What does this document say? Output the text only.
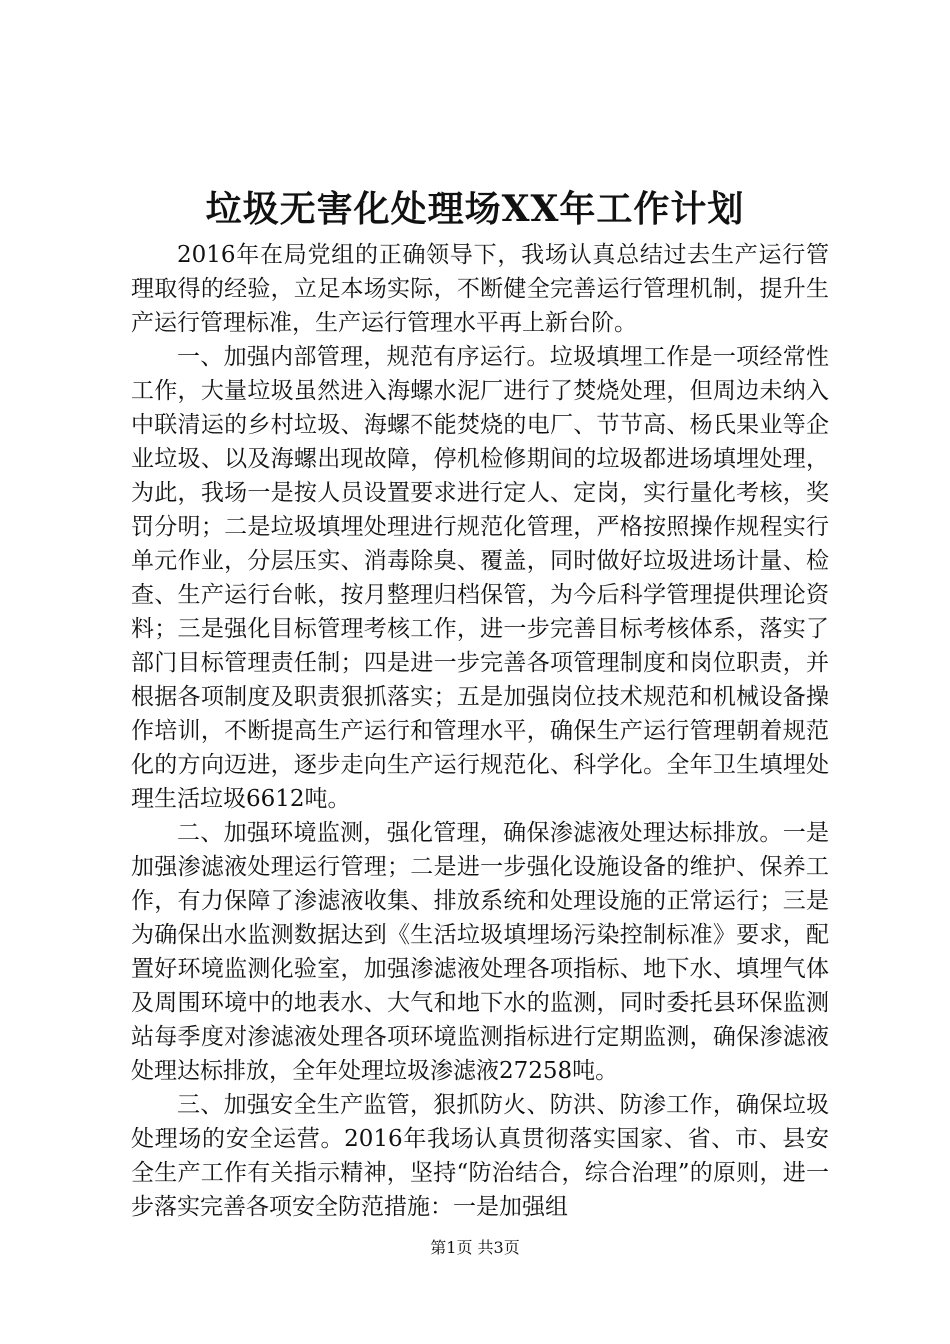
垃圾无害化处理场XX年工作计划

2016年在局党组的正确领导下，我场认真总结过去生产运行管理取得的经验，立足本场实际，不断健全完善运行管理机制，提升生产运行管理标准，生产运行管理水平再上新台阶。

一、加强内部管理，规范有序运行。垃圾填埋工作是一项经常性工作，大量垃圾虽然进入海螺水泥厂进行了焚烧处理，但周边未纳入中联清运的乡村垃圾、海螺不能焚烧的电厂、节节高、杨氏果业等企业垃圾、以及海螺出现故障，停机检修期间的垃圾都进场填埋处理，为此，我场一是按人员设置要求进行定人、定岗，实行量化考核，奖罚分明；二是垃圾填埋处理进行规范化管理，严格按照操作规程实行单元作业，分层压实、消毒除臭、覆盖，同时做好垃圾进场计量、检查、生产运行台帐，按月整理归档保管，为今后科学管理提供理论资料；三是强化目标管理考核工作，进一步完善目标考核体系，落实了部门目标管理责任制；四是进一步完善各项管理制度和岗位职责，并根据各项制度及职责狠抓落实；五是加强岗位技术规范和机械设备操作培训，不断提高生产运行和管理水平，确保生产运行管理朝着规范化的方向迈进，逐步走向生产运行规范化、科学化。全年卫生填埋处理生活垃圾6612吨。

二、加强环境监测，强化管理，确保渗滤液处理达标排放。一是加强渗滤液处理运行管理；二是进一步强化设施设备的维护、保养工作，有力保障了渗滤液收集、排放系统和处理设施的正常运行；三是为确保出水监测数据达到《生活垃圾填埋场污染控制标准》要求，配置好环境监测化验室，加强渗滤液处理各项指标、地下水、填埋气体及周围环境中的地表水、大气和地下水的监测，同时委托县环保监测站每季度对渗滤液处理各项环境监测指标进行定期监测，确保渗滤液处理达标排放，全年处理垃圾渗滤液27258吨。

三、加强安全生产监管，狠抓防火、防洪、防渗工作，确保垃圾处理场的安全运营。2016年我场认真贯彻落实国家、省、市、县安全生产工作有关指示精神，坚持“防治结合，综合治理”的原则，进一步落实完善各项安全防范措施：一是加强组

第1页 共3页
